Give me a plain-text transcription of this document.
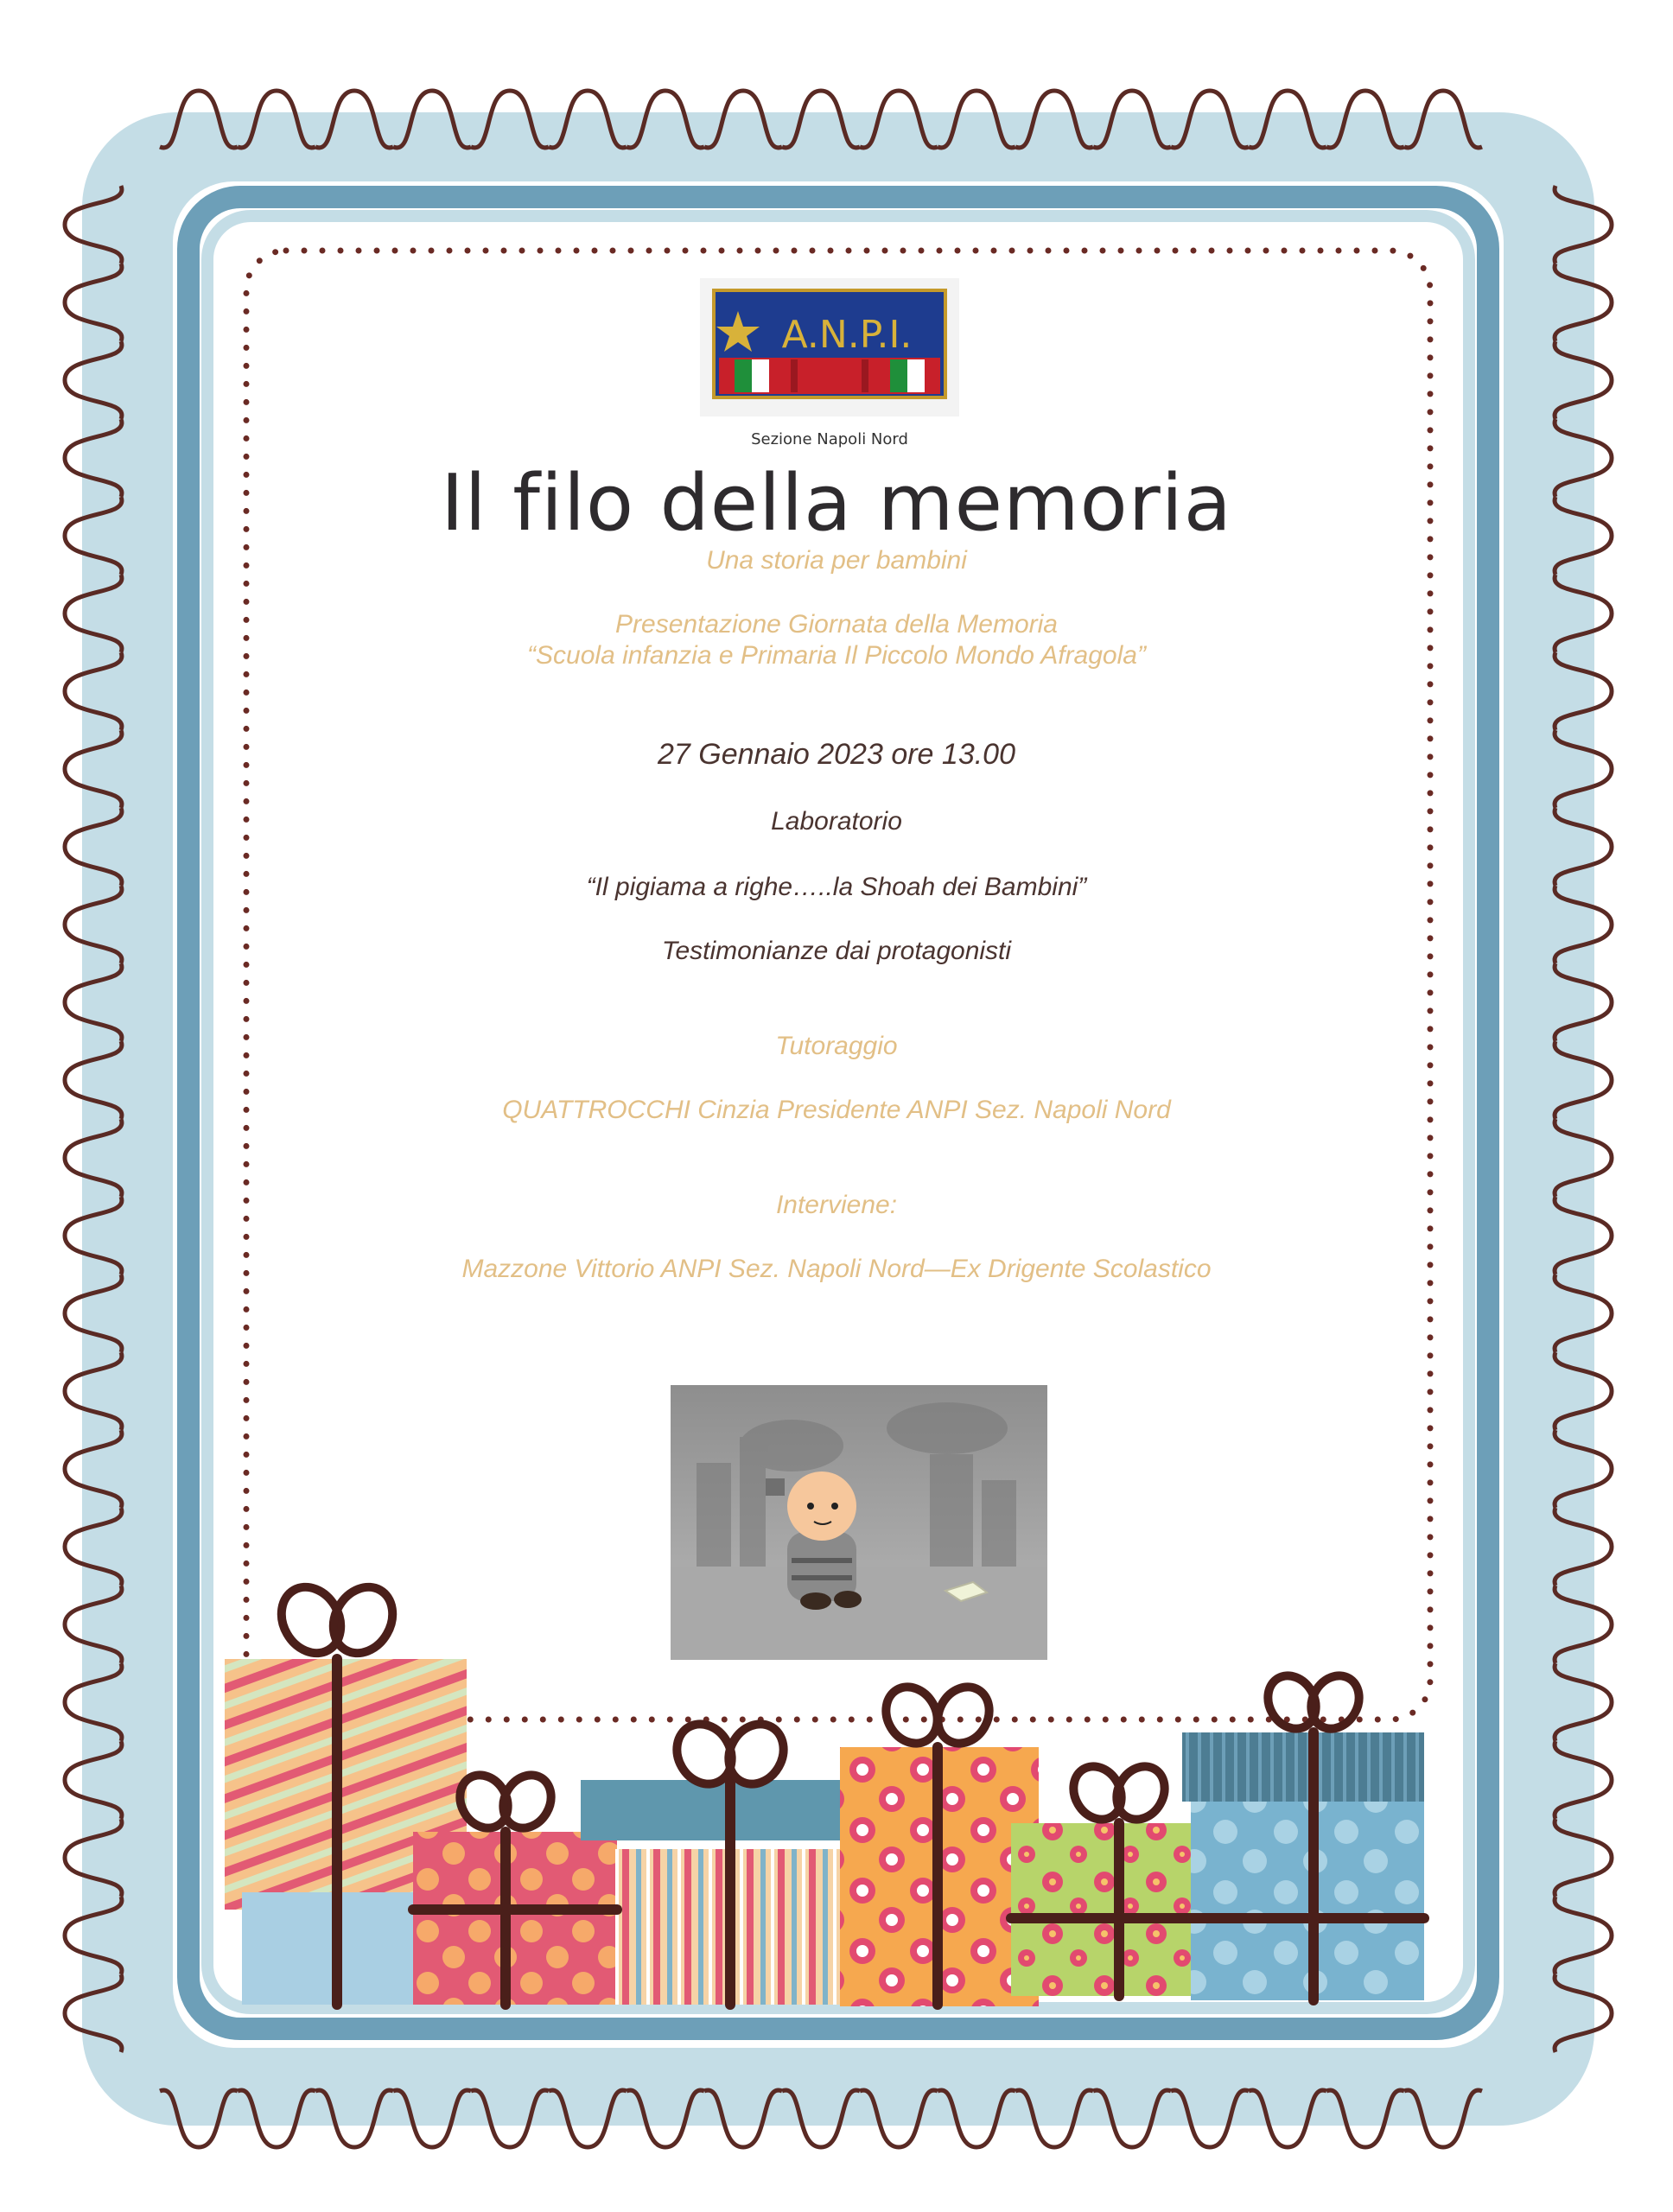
A.N.P.I.
Sezione Napoli Nord
Il filo della memoria

Una storia per bambini

Presentazione Giornata della Memoria

“Scuola infanzia e Primaria Il Piccolo Mondo Afragola”

27 Gennaio 2023 ore 13.00

Laboratorio

“Il pigiama a righe…..la Shoah dei Bambini”

Testimonianze dai protagonisti

Tutoraggio

QUATTROCCHI Cinzia Presidente ANPI Sez. Napoli Nord

Interviene:

Mazzone Vittorio ANPI Sez. Napoli Nord—Ex Drigente Scolastico
